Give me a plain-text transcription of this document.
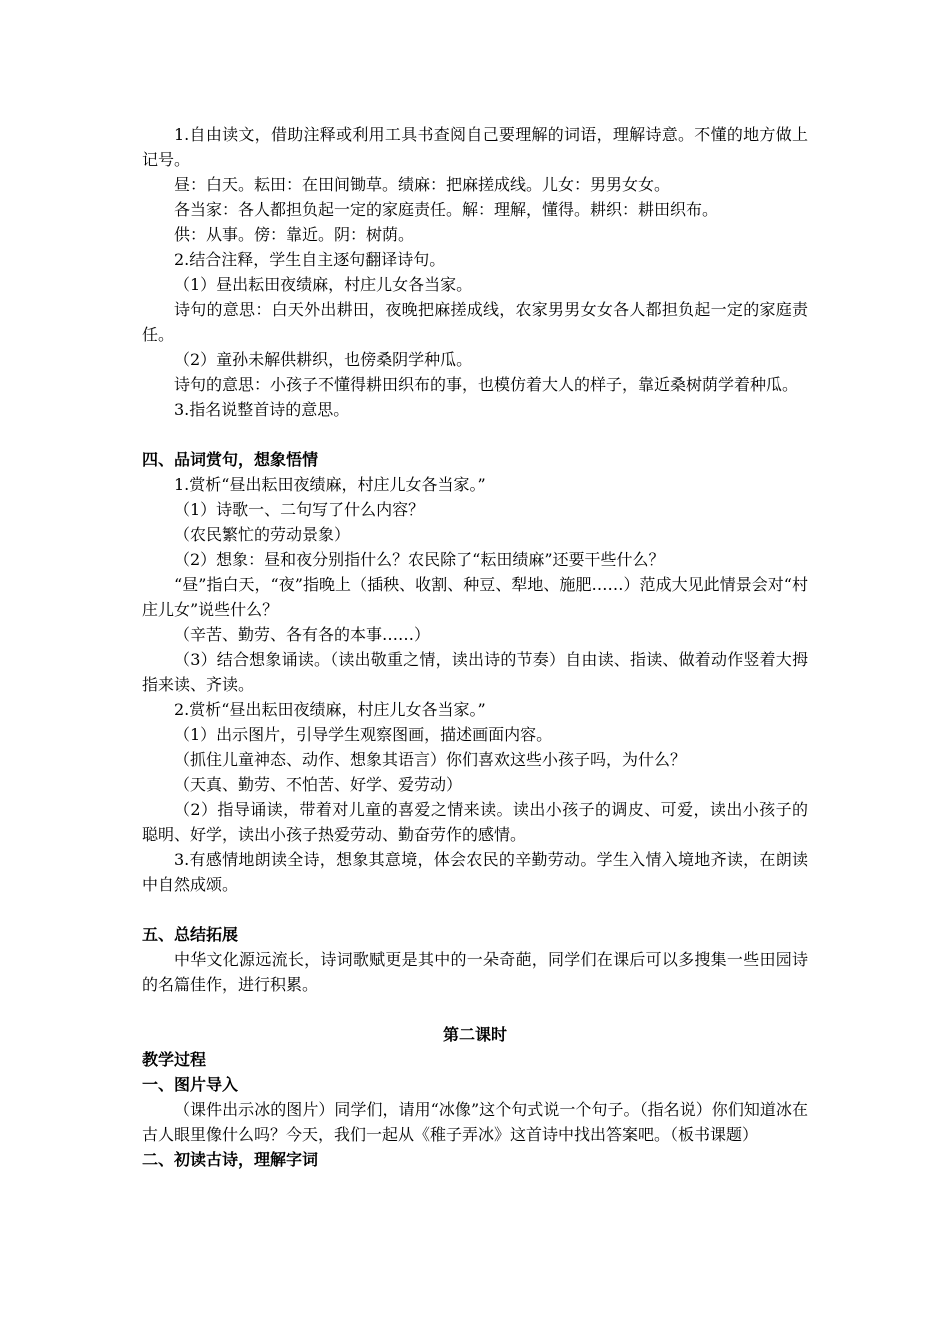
1.自由读文，借助注释或利用工具书查阅自己要理解的词语，理解诗意。不懂的地方做上记号。

昼：白天。耘田：在田间锄草。绩麻：把麻搓成线。儿女：男男女女。

各当家：各人都担负起一定的家庭责任。解：理解，懂得。耕织：耕田织布。

供：从事。傍：靠近。阴：树荫。

2.结合注释，学生自主逐句翻译诗句。

（1）昼出耘田夜绩麻，村庄儿女各当家。

诗句的意思：白天外出耕田，夜晚把麻搓成线，农家男男女女各人都担负起一定的家庭责任。

（2）童孙未解供耕织，也傍桑阴学种瓜。

诗句的意思：小孩子不懂得耕田织布的事，也模仿着大人的样子，靠近桑树荫学着种瓜。

3.指名说整首诗的意思。

四、品词赏句，想象悟情

1.赏析“昼出耘田夜绩麻，村庄儿女各当家。”

（1）诗歌一、二句写了什么内容？

（农民繁忙的劳动景象）

（2）想象：昼和夜分别指什么？农民除了“耘田绩麻”还要干些什么？

“昼”指白天，“夜”指晚上（插秧、收割、种豆、犁地、施肥……）范成大见此情景会对“村庄儿女”说些什么？

（辛苦、勤劳、各有各的本事……）

（3）结合想象诵读。（读出敬重之情，读出诗的节奏）自由读、指读、做着动作竖着大拇指来读、齐读。

2.赏析“昼出耘田夜绩麻，村庄儿女各当家。”

（1）出示图片，引导学生观察图画，描述画面内容。

（抓住儿童神态、动作、想象其语言）你们喜欢这些小孩子吗，为什么？

（天真、勤劳、不怕苦、好学、爱劳动）

（2）指导诵读，带着对儿童的喜爱之情来读。读出小孩子的调皮、可爱，读出小孩子的聪明、好学，读出小孩子热爱劳动、勤奋劳作的感情。

3.有感情地朗读全诗，想象其意境，体会农民的辛勤劳动。学生入情入境地齐读，在朗读中自然成颂。

五、总结拓展

中华文化源远流长，诗词歌赋更是其中的一朵奇葩，同学们在课后可以多搜集一些田园诗的名篇佳作，进行积累。

第二课时

教学过程

一、图片导入

（课件出示冰的图片）同学们，请用“冰像”这个句式说一个句子。（指名说）你们知道冰在古人眼里像什么吗？今天，我们一起从《稚子弄冰》这首诗中找出答案吧。（板书课题）

二、初读古诗，理解字词
